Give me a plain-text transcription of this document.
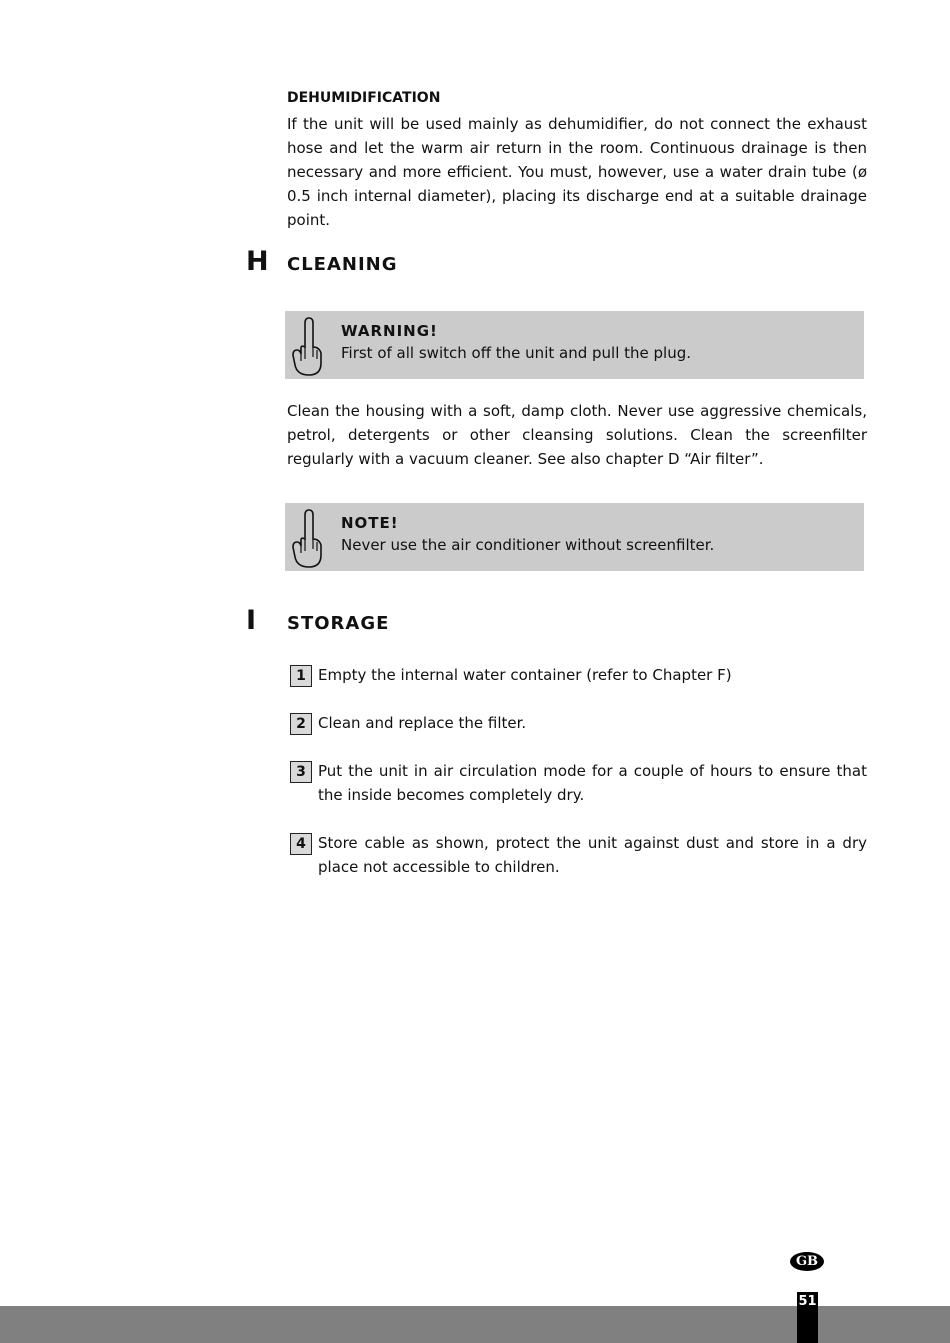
DEHUMIDIFICATION
If the unit will be used mainly as dehumidifier, do not connect the exhaust hose and let the warm air return in the room. Continuous drainage is then necessary and more efficient. You must, however, use a water drain tube (ø 0.5 inch internal diameter), placing its discharge end at a suitable drainage point.
H CLEANING
WARNING!
First of all switch off the unit and pull the plug.
Clean the housing with a soft, damp cloth. Never use aggressive chemicals, petrol, detergents or other cleansing solutions. Clean the screenfilter regularly with a vacuum cleaner. See also chapter D “Air filter”.
NOTE!
Never use the air conditioner without screenfilter.
I STORAGE
1 Empty the internal water container (refer to Chapter F)
2 Clean and replace the filter.
3 Put the unit in air circulation mode for a couple of hours to ensure that the inside becomes completely dry.
4 Store cable as shown, protect the unit against dust and store in a dry place not accessible to children.
GB
51
